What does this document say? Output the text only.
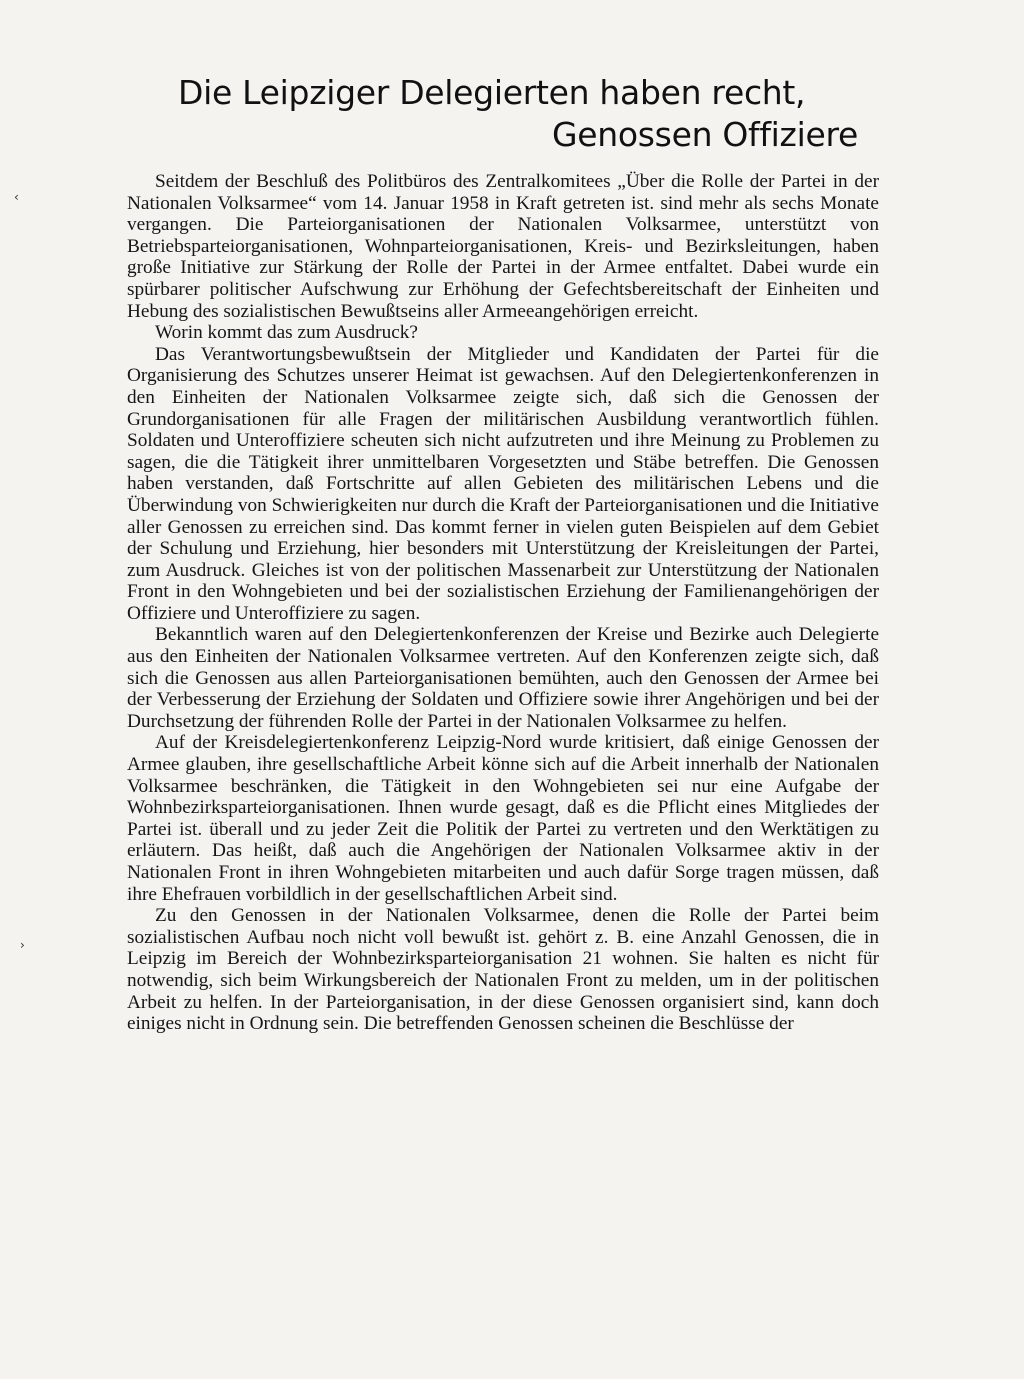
Die Leipziger Delegierten haben recht,
Genossen Offiziere

Seitdem der Beschluß des Politbüros des Zentralkomitees „Über die Rolle der Partei in der Nationalen Volksarmee“ vom 14. Januar 1958 in Kraft getreten ist. sind mehr als sechs Monate vergangen. Die Parteiorganisationen der Nationalen Volksarmee, unterstützt von Betriebsparteiorganisationen, Wohnparteiorganisationen, Kreis- und Bezirksleitungen, haben große Initiative zur Stärkung der Rolle der Partei in der Armee entfaltet. Dabei wurde ein spürbarer politischer Aufschwung zur Erhöhung der Gefechtsbereitschaft der Einheiten und Hebung des sozialistischen Bewußtseins aller Armeeangehörigen erreicht.

Worin kommt das zum Ausdruck?

Das Verantwortungsbewußtsein der Mitglieder und Kandidaten der Partei für die Organisierung des Schutzes unserer Heimat ist gewachsen. Auf den Delegiertenkonferenzen in den Einheiten der Nationalen Volksarmee zeigte sich, daß sich die Genossen der Grundorganisationen für alle Fragen der militärischen Ausbildung verantwortlich fühlen. Soldaten und Unteroffiziere scheuten sich nicht aufzutreten und ihre Meinung zu Problemen zu sagen, die die Tätigkeit ihrer unmittelbaren Vorgesetzten und Stäbe betreffen. Die Genossen haben verstanden, daß Fortschritte auf allen Gebieten des militärischen Lebens und die Überwindung von Schwierigkeiten nur durch die Kraft der Parteiorganisationen und die Initiative aller Genossen zu erreichen sind. Das kommt ferner in vielen guten Beispielen auf dem Gebiet der Schulung und Erziehung, hier besonders mit Unterstützung der Kreisleitungen der Partei, zum Ausdruck. Gleiches ist von der politischen Massenarbeit zur Unterstützung der Nationalen Front in den Wohngebieten und bei der sozialistischen Erziehung der Familienangehörigen der Offiziere und Unteroffiziere zu sagen.

Bekanntlich waren auf den Delegiertenkonferenzen der Kreise und Bezirke auch Delegierte aus den Einheiten der Nationalen Volksarmee vertreten. Auf den Konferenzen zeigte sich, daß sich die Genossen aus allen Parteiorganisationen bemühten, auch den Genossen der Armee bei der Verbesserung der Erziehung der Soldaten und Offiziere sowie ihrer Angehörigen und bei der Durchsetzung der führenden Rolle der Partei in der Nationalen Volksarmee zu helfen.

Auf der Kreisdelegiertenkonferenz Leipzig-Nord wurde kritisiert, daß einige Genossen der Armee glauben, ihre gesellschaftliche Arbeit könne sich auf die Arbeit innerhalb der Nationalen Volksarmee beschränken, die Tätigkeit in den Wohngebieten sei nur eine Aufgabe der Wohnbezirksparteiorganisationen. Ihnen wurde gesagt, daß es die Pflicht eines Mitgliedes der Partei ist. überall und zu jeder Zeit die Politik der Partei zu vertreten und den Werktätigen zu erläutern. Das heißt, daß auch die Angehörigen der Nationalen Volksarmee aktiv in der Nationalen Front in ihren Wohngebieten mitarbeiten und auch dafür Sorge tragen müssen, daß ihre Ehefrauen vorbildlich in der gesellschaftlichen Arbeit sind.

Zu den Genossen in der Nationalen Volksarmee, denen die Rolle der Partei beim sozialistischen Aufbau noch nicht voll bewußt ist. gehört z. B. eine Anzahl Genossen, die in Leipzig im Bereich der Wohnbezirksparteiorganisation 21 wohnen. Sie halten es nicht für notwendig, sich beim Wirkungsbereich der Nationalen Front zu melden, um in der politischen Arbeit zu helfen. In der Parteiorganisation, in der diese Genossen organisiert sind, kann doch einiges nicht in Ordnung sein. Die betreffenden Genossen scheinen die Beschlüsse der

‹
›
